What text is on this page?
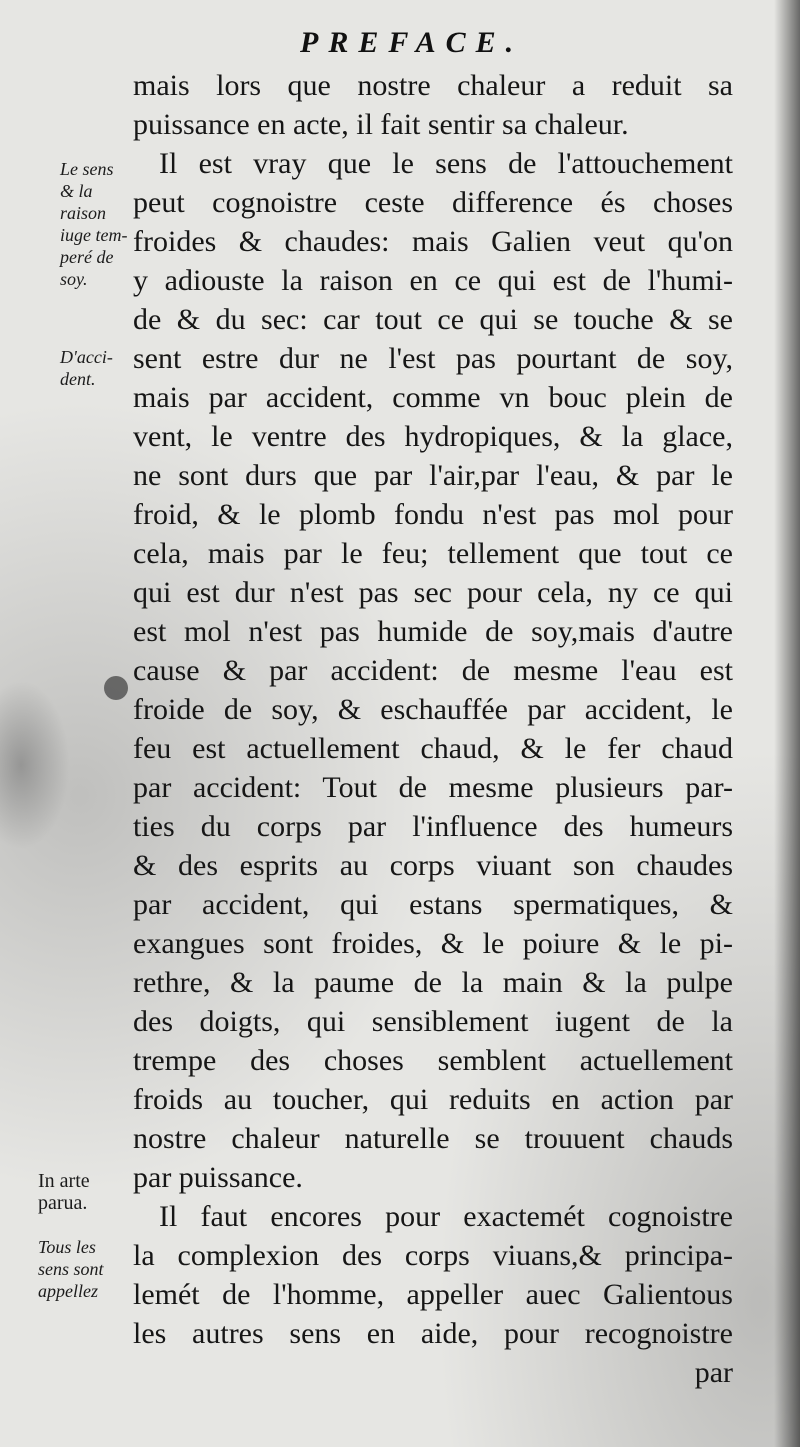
PREFACE.
Le sens
& la
raison
iuge tem-
peré de
soy.
D'acci-
dent.
In arte
parua.
Tous les
sens sont
appellez
mais lors que nostre chaleur a reduit sa
puissance en acte, il fait sentir sa chaleur.
Il est vray que le sens de l'attouchement
peut cognoistre ceste difference és choses
froides & chaudes: mais Galien veut qu'on
y adiouste la raison en ce qui est de l'humi-
de & du sec: car tout ce qui se touche & se
sent estre dur ne l'est pas pourtant de soy,
mais par accident, comme vn bouc plein de
vent, le ventre des hydropiques, & la glace,
ne sont durs que par l'air,par l'eau, & par le
froid, & le plomb fondu n'est pas mol pour
cela, mais par le feu; tellement que tout ce
qui est dur n'est pas sec pour cela, ny ce qui
est mol n'est pas humide de soy,mais d'autre
cause & par accident: de mesme l'eau est
froide de soy, & eschauffée par accident, le
feu est actuellement chaud, & le fer chaud
par accident: Tout de mesme plusieurs par-
ties du corps par l'influence des humeurs
& des esprits au corps viuant son chaudes
par accident, qui estans spermatiques, &
exangues sont froides, & le poiure & le pi-
rethre, & la paume de la main & la pulpe
des doigts, qui sensiblement iugent de la
trempe des choses semblent actuellement
froids au toucher, qui reduits en action par
nostre chaleur naturelle se trouuent chauds
par puissance.
Il faut encores pour exactemét cognoistre
la complexion des corps viuans,& principa-
lemét de l'homme, appeller auec Galientous
les autres sens en aide, pour recognoistre
par
